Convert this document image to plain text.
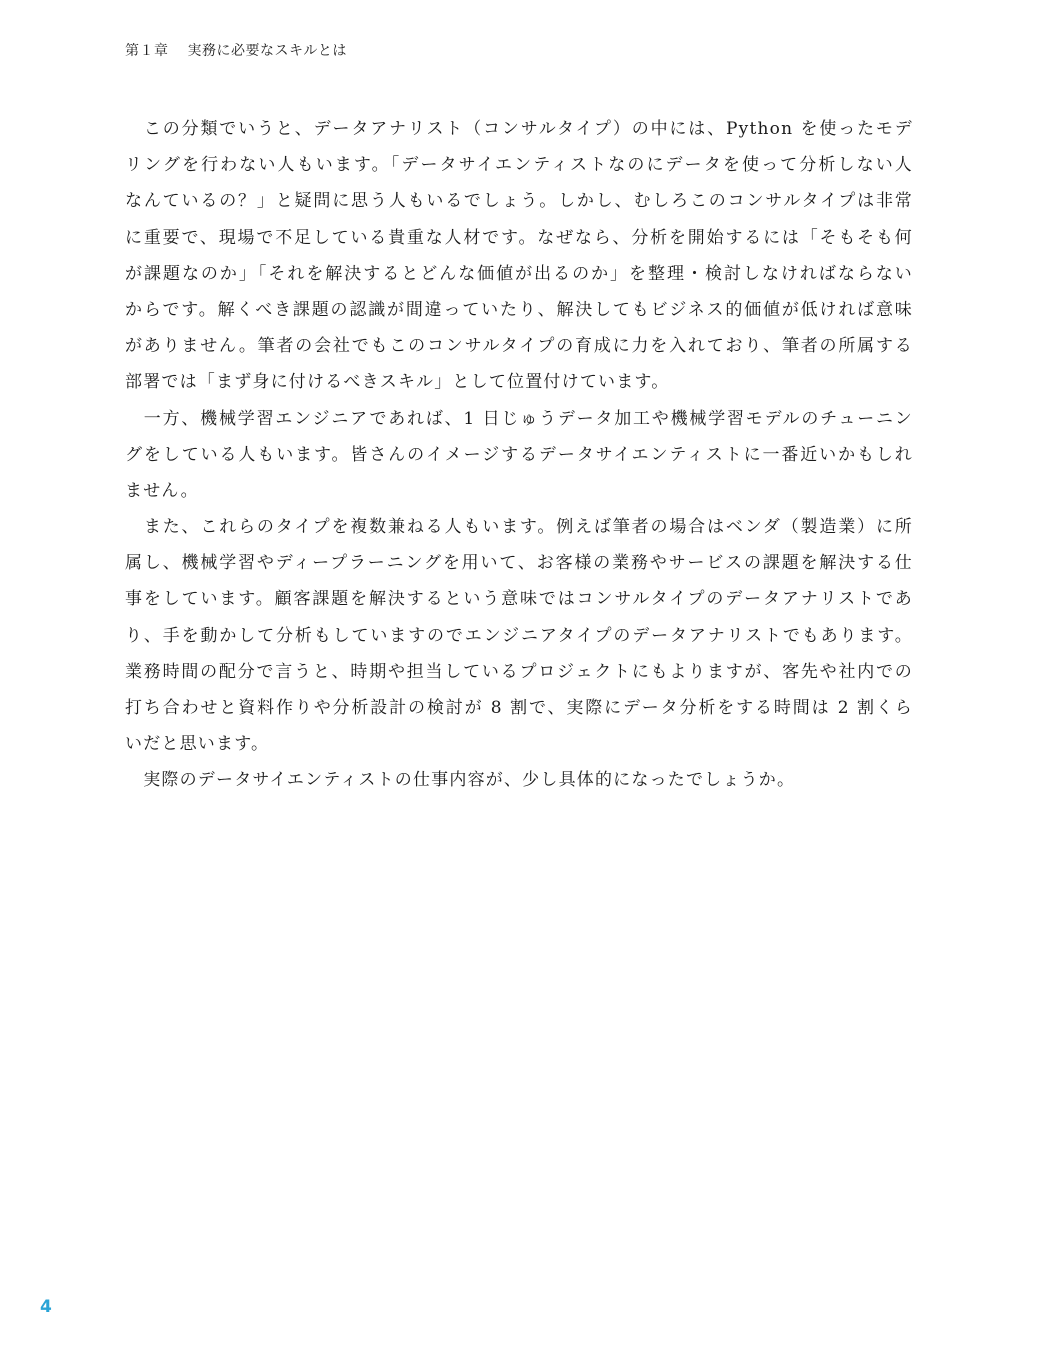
第１章 実務に必要なスキルとは
　この分類でいうと、データアナリスト（コンサルタイプ）の中には、Python を使ったモデ
リングを行わない人もいます。「データサイエンティストなのにデータを使って分析しない人
なんているの？」と疑問に思う人もいるでしょう。しかし、むしろこのコンサルタイプは非常
に重要で、現場で不足している貴重な人材です。なぜなら、分析を開始するには「そもそも何
が課題なのか」「それを解決するとどんな価値が出るのか」を整理・検討しなければならない
からです。解くべき課題の認識が間違っていたり、解決してもビジネス的価値が低ければ意味
がありません。筆者の会社でもこのコンサルタイプの育成に力を入れており、筆者の所属する
部署では「まず身に付けるべきスキル」として位置付けています。
　一方、機械学習エンジニアであれば、1 日じゅうデータ加工や機械学習モデルのチューニン
グをしている人もいます。皆さんのイメージするデータサイエンティストに一番近いかもしれ
ません。
　また、これらのタイプを複数兼ねる人もいます。例えば筆者の場合はベンダ（製造業）に所
属し、機械学習やディープラーニングを用いて、お客様の業務やサービスの課題を解決する仕
事をしています。顧客課題を解決するという意味ではコンサルタイプのデータアナリストであ
り、手を動かして分析もしていますのでエンジニアタイプのデータアナリストでもあります。
業務時間の配分で言うと、時期や担当しているプロジェクトにもよりますが、客先や社内での
打ち合わせと資料作りや分析設計の検討が 8 割で、実際にデータ分析をする時間は 2 割くら
いだと思います。
　実際のデータサイエンティストの仕事内容が、少し具体的になったでしょうか。
4
